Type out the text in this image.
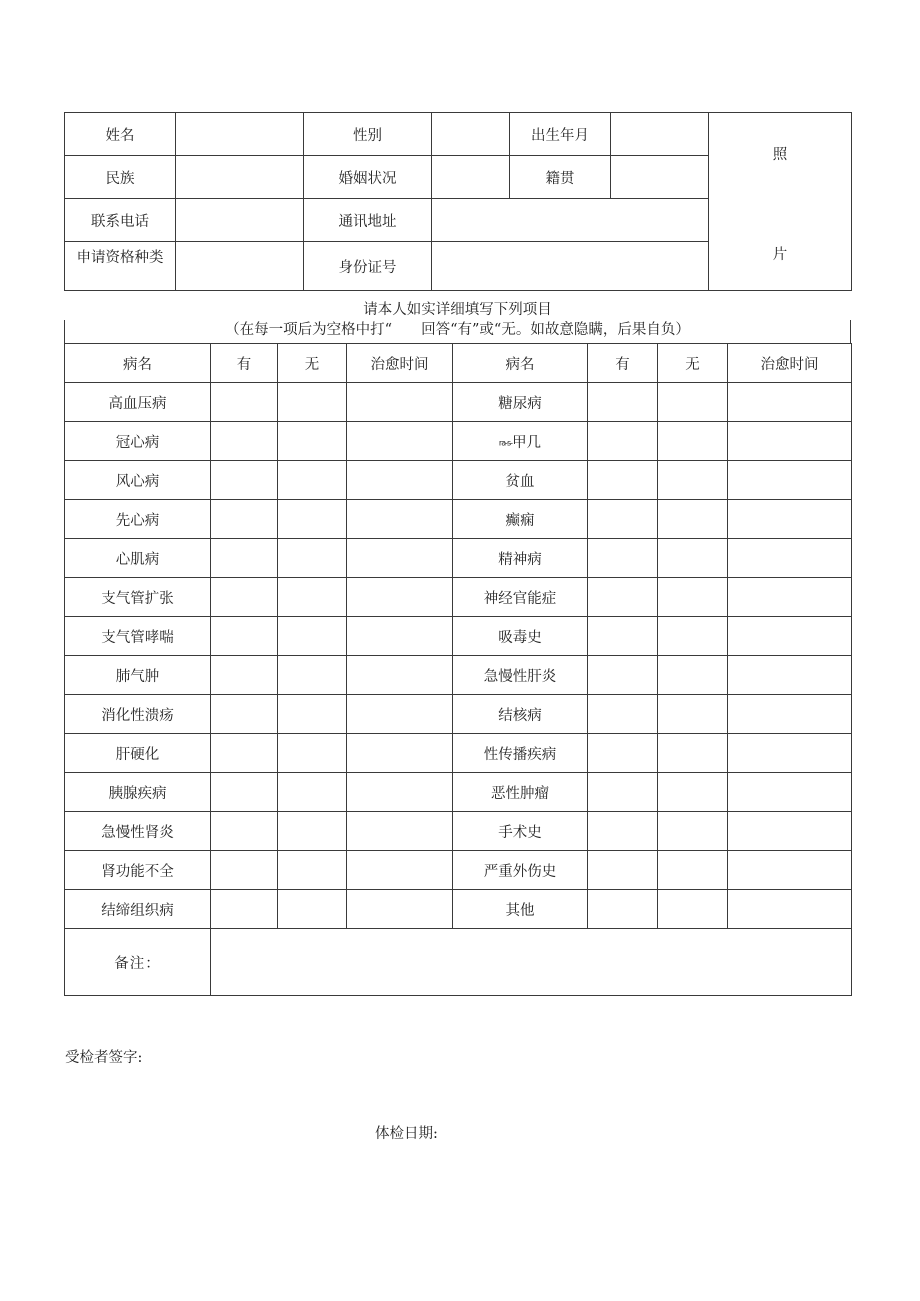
姓名		性别		出生年月		照
片

民族		婚姻状况		籍贯		
联系电话		通讯地址				
申请资格种类		身份证号				
请本人如实详细填写下列项目
（在每一项后为空格中打“　　回答“有”或“无。如故意隐瞒，后果自负）
病名	有	无	治愈时间	病名	有	无	治愈时间
高血压病				糖尿病			
冠心病				ra-s-甲几			
风心病				贫血			
先心病				癫痫			
心肌病				精神病			
支气管扩张				神经官能症			
支气管哮喘				吸毒史			
肺气肿				急慢性肝炎			
消化性溃疡				结核病			
肝硬化				性传播疾病			
胰腺疾病				恶性肿瘤			
急慢性肾炎				手术史			
肾功能不全				严重外伤史			
结缔组织病				其他			
备注：							
受检者签字:
体检日期:
